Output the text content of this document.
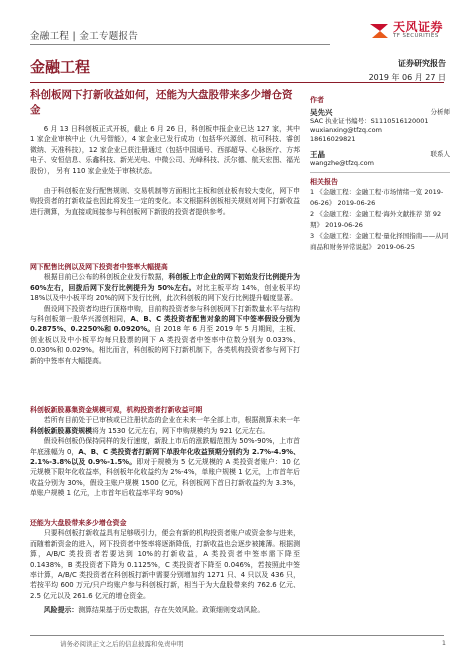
金融工程 | 金工专题报告
天风证券
TF SECURITIES
金融工程	证券研究报告
2019 年 06 月 27 日
科创板网下打新收益如何，还能为大盘股带来多少增仓资金

6 月 13 日科创板正式开板，截止 6 月 26 日，科创板申报企业已达 127 家，其中 1 家企业审核中止（九号智能），4 家企业已发行成功（包括华兴源创、杭可科技、睿创微纳、天准科技），12 家企业已获注册通过（包括中国通号、西部超导、心脉医疗、方邦电子、安恒信息、乐鑫科技、新光光电、中微公司、光峰科技、沃尔德、航天宏图、福光股份）， 另有 110 家企业处于审核状态。

由于科创板在发行配售规则、交易机制等方面相比主板和创业板有较大变化，网下申购投资者的打新收益也因此将发生一定的变化。本文根据科创板相关规则对网下打新收益进行测算，为直接或间接参与科创板网下新股的投资者提供参考。

网下配售比例以及网下投资者中签率大幅提高

根据目前已公布的科创板企业发行数据，科创板上市企业的网下初始发行比例提升为 60%左右，回拨后网下发行比例提升为 50%左右。对比主板平均 14%，创业板平均 18%以及中小板平均 20%的网下发行比例，此次科创板的网下发行比例提升幅度显著。

假设网下投资者均进行顶格申购，目前构投资者参与科创板网下打新数量水平与结构与科创板第一股华兴源创相同，A、B、C 类投资者配售对象的网下中签率假设分别为 0.2875%、0.2250%和 0.0920%。自 2018 年 6 月至 2019 年 5 月期间，主板、创业板以及中小板平均每只股票的网下 A 类投资者中签率中位数分别为 0.033%、0.030%和 0.029%。相比而言，科创板的网下打新机制下，各类机构投资者参与网下打新的中签率有大幅提高。

科创板新股募集资金规模可观，机构投资者打新收益可期

若所有目前处于已审核或已注册状态的企业在未来一年全部上市，根据测算未来一年科创板新股募资规模将为 1530 亿元左右，网下申购规模约为 921 亿元左右。

假设科创板仍保持同样的发行速度，新股上市后的涨跌幅范围为 50%-90%，上市首年底涨幅为 0，A、B、C 类投资者打新网下单股年化收益预期分别约为 2.7%-4.9%、2.1%-3.8%以及 0.9%-1.5%。即对于规模为 5 亿元规模的 A 类投资者账户：10 亿元规模下限年化收益率，科创板年化收益约为 2%-4%，单账户规模 1 亿元，上市首年后收益分别为 30%，假设主账户规模 1500 亿元，科创板网下首日打新收益约为 3.3%，单账户规模 1 亿元，上市首年后收益率平均 90%)

还能为大盘股带来多少增仓资金

只要科创板打新收益具有足够吸引力，便会有新的机构投资者账户或资金参与进来，而随着新资金的进入，网下投资者中签率将逐渐降低，打新收益也会逐步被摊薄。根据测算，A/B/C 类投资者若要达到 10%的打新收益，A 类投资者中签率需下降至 0.1438%，B 类投资者下降为 0.1125%，C 类投资者下降至 0.046%，若按照此中签率计算，A/B/C 类投资者在科创板打新中需要分别增加约 1271 只、4 只以及 436 只，若按平均 600 万元/只户均账户参与科创板打新，相当于为大盘股带来约 762.6 亿元、2.5 亿元以及 261.6 亿元的增仓资金。

风险提示：测算结果基于历史数据，存在失效风险。政策细则变动风险。

作者
吴先兴	分析师
SAC 执业证书编号：S1110516120001
wuxianxing@tfzq.com
18616029821
王晶	联系人
wangzhe@tfzq.com
相关报告
1 《金融工程：金融工程·市场情绪一览 2019-06-26》 2019-06-26
2 《金融工程：金融工程·海外文献推荐 第 92 期》 2019-06-26
3 《金融工程：金融工程·量化择国指南——从同商品和财务异常说起》 2019-06-25
请务必阅读正文之后的信息披露和免责申明	1
